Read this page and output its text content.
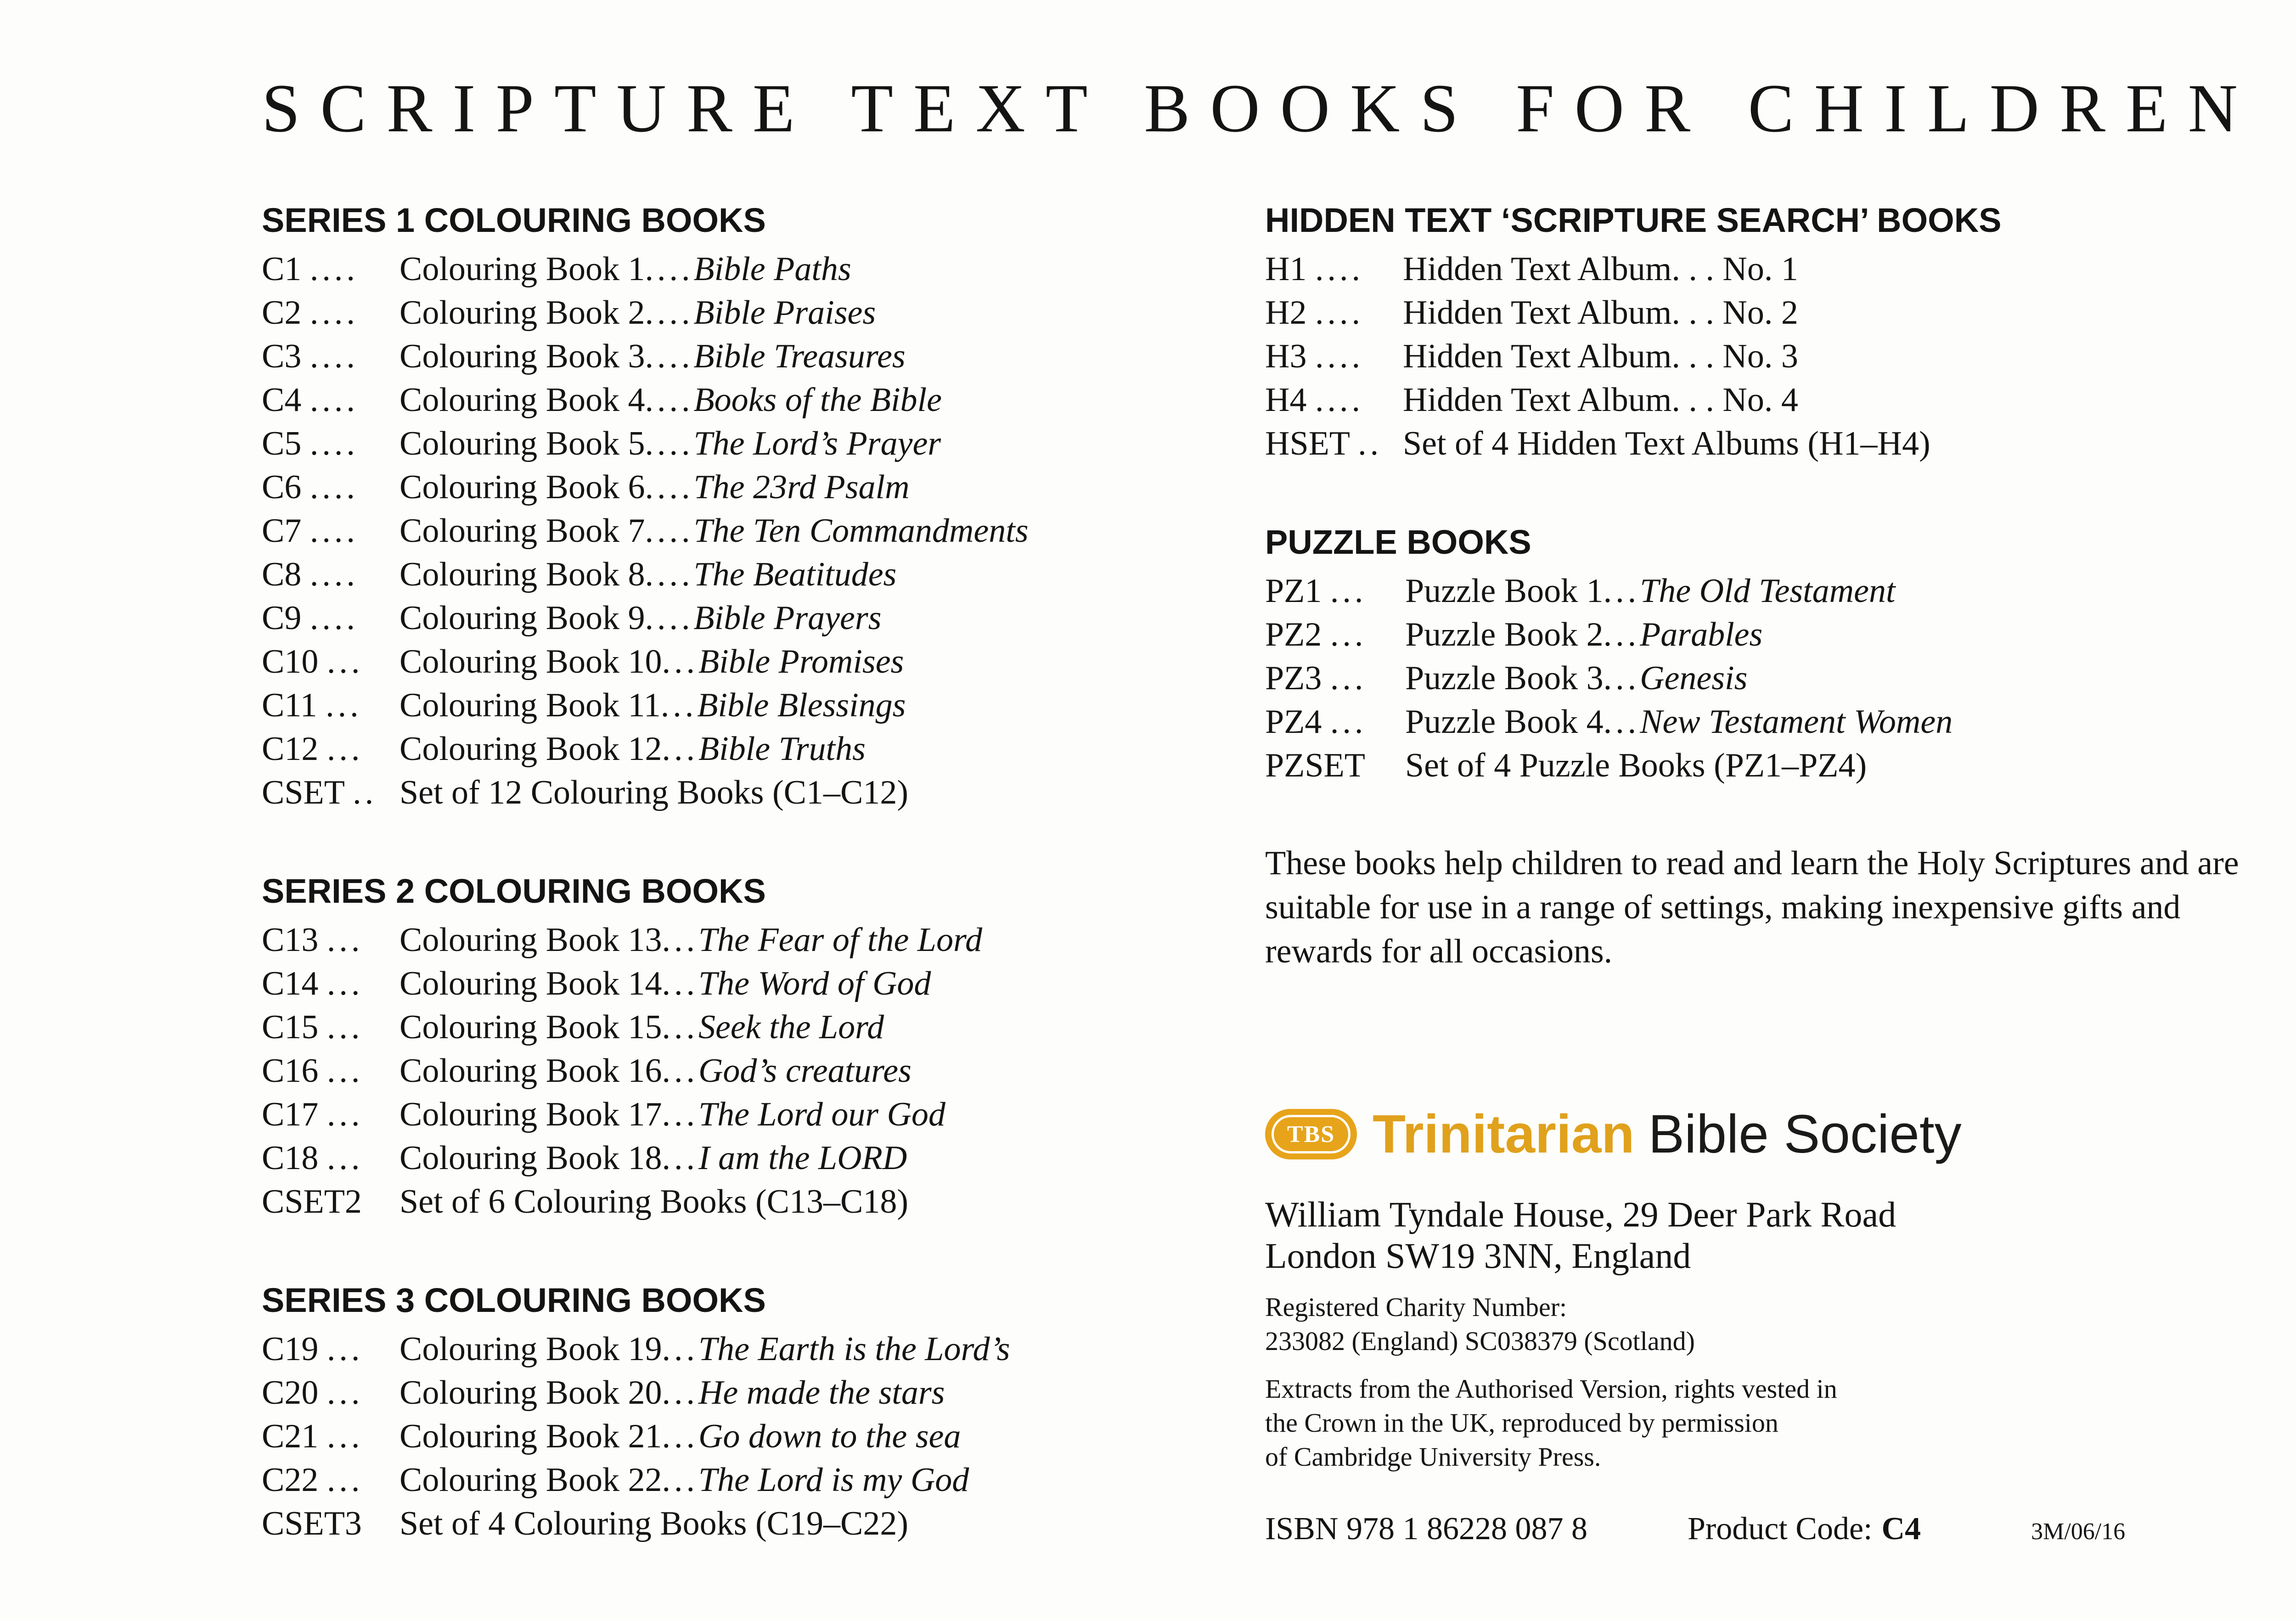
SCRIPTURE TEXT BOOKS FOR CHILDREN
SERIES 1 COLOURING BOOKS
C1 ....	Colouring Book 1 .... Bible Paths
C2 ....	Colouring Book 2 .... Bible Praises
C3 ....	Colouring Book 3 .... Bible Treasures
C4 ....	Colouring Book 4 .... Books of the Bible
C5 ....	Colouring Book 5 .... The Lord’s Prayer
C6 ....	Colouring Book 6 .... The 23rd Psalm
C7 ....	Colouring Book 7 .... The Ten Commandments
C8 ....	Colouring Book 8 .... The Beatitudes
C9 ....	Colouring Book 9 .... Bible Prayers
C10 ...	Colouring Book 10 ... Bible Promises
C11 ...	Colouring Book 11 ... Bible Blessings
C12 ...	Colouring Book 12 ... Bible Truths
CSET .. Set of 12 Colouring Books (C1–C12)
SERIES 2 COLOURING BOOKS
C13 ...	Colouring Book 13 ... The Fear of the Lord
C14 ...	Colouring Book 14 ... The Word of God
C15 ...	Colouring Book 15 ... Seek the Lord
C16 ...	Colouring Book 16 ... God’s creatures
C17 ...	Colouring Book 17 ... The Lord our God
C18 ...	Colouring Book 18 ... I am the LORD
CSET2	Set of 6 Colouring Books (C13–C18)
SERIES 3 COLOURING BOOKS
C19 ...	Colouring Book 19 ... The Earth is the Lord’s
C20 ...	Colouring Book 20 ... He made the stars
C21 ...	Colouring Book 21 ... Go down to the sea
C22 ...	Colouring Book 22 ... The Lord is my God
CSET3	Set of 4 Colouring Books (C19–C22)
HIDDEN TEXT ‘SCRIPTURE SEARCH’ BOOKS
H1 ....	Hidden Text Album. . . No. 1
H2 ....	Hidden Text Album. . . No. 2
H3 ....	Hidden Text Album. . . No. 3
H4 ....	Hidden Text Album. . . No. 4
HSET .. Set of 4 Hidden Text Albums (H1–H4)
PUZZLE BOOKS
PZ1 ...	Puzzle Book 1 ... The Old Testament
PZ2 ...	Puzzle Book 2 ... Parables
PZ3 ...	Puzzle Book 3 ... Genesis
PZ4 ...	Puzzle Book 4 ... New Testament Women
PZSET	Set of 4 Puzzle Books (PZ1–PZ4)

These books help children to read and learn the Holy Scriptures and are suitable for use in a range of settings, making inexpensive gifts and rewards for all occasions.

TBS Trinitarian Bible Society
William Tyndale House, 29 Deer Park Road
London SW19 3NN, England
Registered Charity Number:
233082 (England) SC038379 (Scotland)
Extracts from the Authorised Version, rights vested in
the Crown in the UK, reproduced by permission
of Cambridge University Press.
ISBN 978 1 86228 087 8	Product Code: C4	3M/06/16
